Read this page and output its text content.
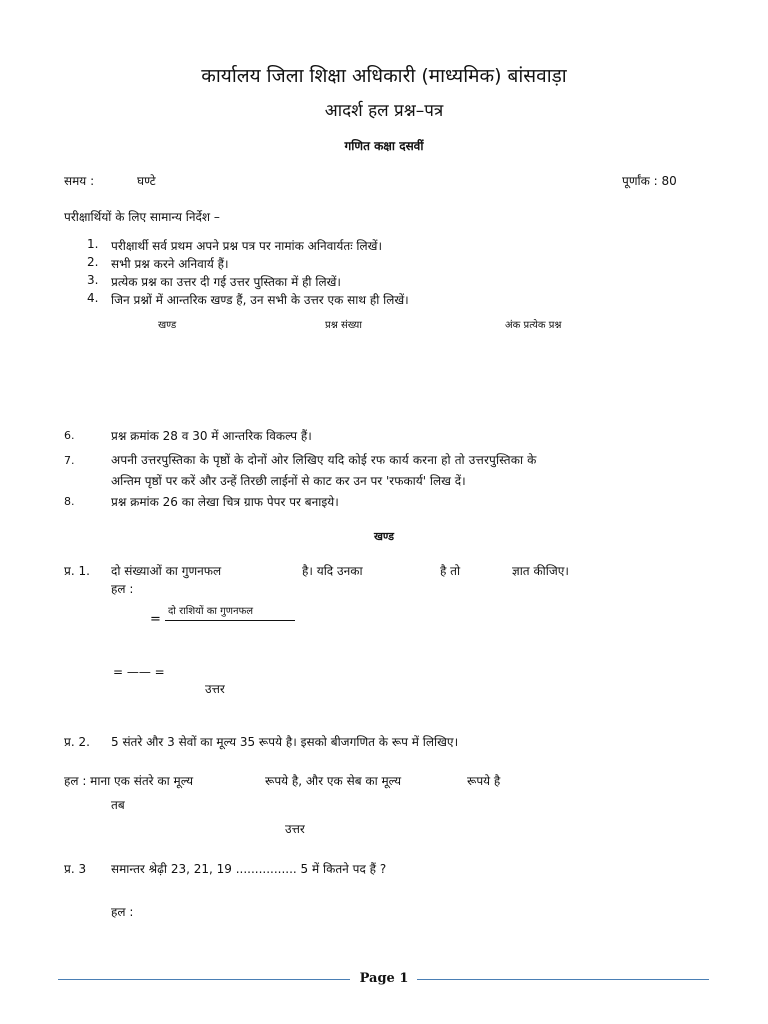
कार्यालय जिला शिक्षा अधिकारी (माध्यमिक) बांसवाड़ा
आदर्श हल प्रश्न–पत्र
गणित कक्षा दसवीं
समय :	घण्टे	पूर्णांक : 80
परीक्षार्थियों के लिए सामान्य निर्देश –
1. परीक्षार्थी सर्व प्रथम अपने प्रश्न पत्र पर नामांक अनिवार्यतः लिखें।
2. सभी प्रश्न करने अनिवार्य हैं।
3. प्रत्येक प्रश्न का उत्तर दी गई उत्तर पुस्तिका में ही लिखें।
4. जिन प्रश्नों में आन्तरिक खण्ड हैं, उन सभी के उत्तर एक साथ ही लिखें।
खण्ड	प्रश्न संख्या	अंक प्रत्येक प्रश्न
6.	प्रश्न क्रमांक 28 व 30 में आन्तरिक विकल्प हैं।
7.	अपनी उत्तरपुस्तिका के पृष्ठों के दोनों ओर लिखिए यदि कोई रफ कार्य करना हो तो उत्तरपुस्तिका के
अन्तिम पृष्ठों पर करें और उन्हें तिरछी लाईनों से काट कर उन पर 'रफकार्य' लिख दें।
8.	प्रश्न क्रमांक 26 का लेखा चित्र ग्राफ पेपर पर बनाइये।
खण्ड
प्र. 1. दो संख्याओं का गुणनफल	है। यदि उनका	है तो	ज्ञात कीजिए।
हल :
दो राशियों का गुणनफल
=
= —— =
उत्तर
प्र. 2. 5 संतरे और 3 सेवों का मूल्य 35 रूपये है। इसको बीजगणित के रूप में लिखिए।
हल : माना एक संतरे का मूल्य	रूपये है, और एक सेब का मूल्य	रूपये है
तब
उत्तर
प्र. 3 समान्तर श्रेढ़ी 23, 21, 19 ................ 5 में कितने पद हैं ?
हल :
Page 1
